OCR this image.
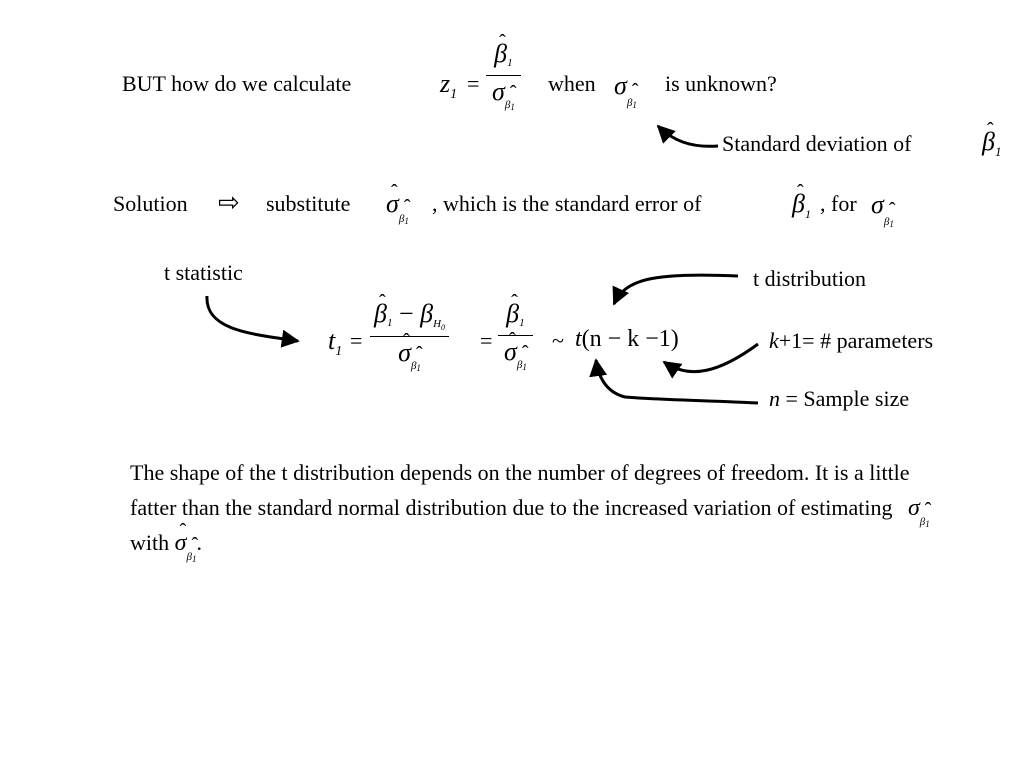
BUT how do we calculate	$z_1$ = ˆ $\frac{\beta 1}{\sigma ˆ \beta_1}$ when σˆ $\beta_1$
is unknown?
Standard deviation of	ˆ $\beta_1$
Solution ⇨ substitute ˆ σˆ $\beta_1$
, which is the standard error of	ˆ $\beta_1$ , for σˆ $\beta_1$
t statistic	t distribution
k+1= # parameters
n = Sample size
$t_1$ = ˆ $\beta 1 - \beta H_0$
ˆ σˆ $\beta_1$ = ˆ β1
ˆ σˆ $\beta_1$ ~ t(n − k −1)
The shape of the t distribution depends on the number of degrees of freedom. It is a little fatter than the standard normal distribution due to the increased variation of estimating σˆ $\beta_1$ with ˆ σˆ $\beta_1$.
